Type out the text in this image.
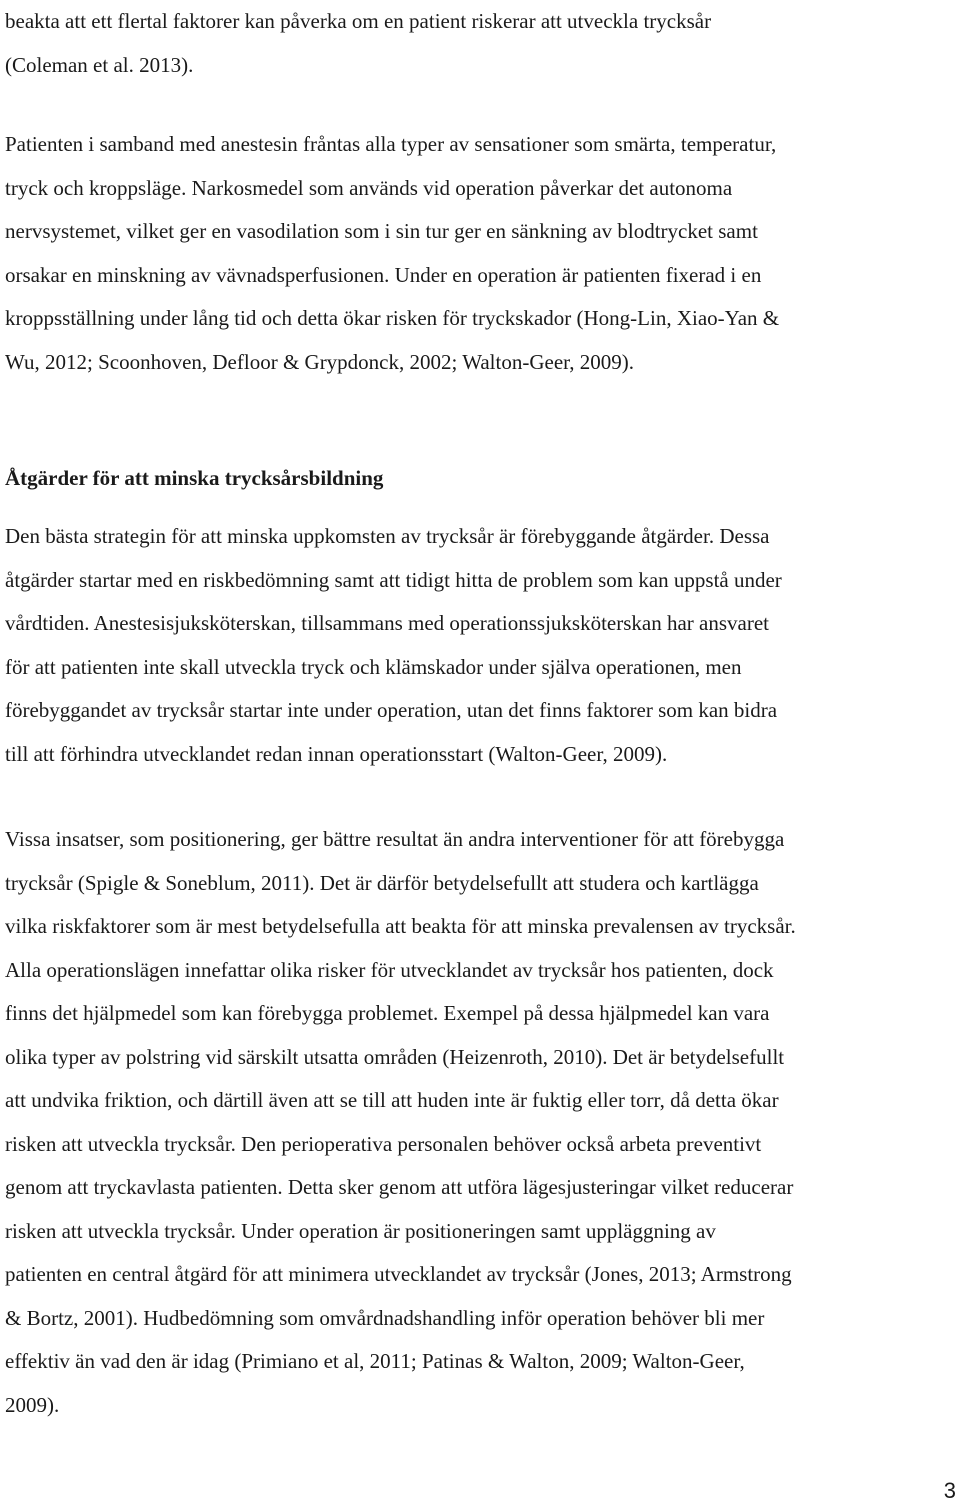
beakta att ett flertal faktorer kan påverka om en patient riskerar att utveckla trycksår
(Coleman et al. 2013).

Patienten i samband med anestesin fråntas alla typer av sensationer som smärta, temperatur,
tryck och kroppsläge. Narkosmedel som används vid operation påverkar det autonoma
nervsystemet, vilket ger en vasodilation som i sin tur ger en sänkning av blodtrycket samt
orsakar en minskning av vävnadsperfusionen. Under en operation är patienten fixerad i en
kroppsställning under lång tid och detta ökar risken för tryckskador (Hong-Lin, Xiao-Yan &
Wu, 2012; Scoonhoven, Defloor & Grypdonck, 2002; Walton-Geer, 2009).

Åtgärder för att minska trycksårsbildning

Den bästa strategin för att minska uppkomsten av trycksår är förebyggande åtgärder. Dessa
åtgärder startar med en riskbedömning samt att tidigt hitta de problem som kan uppstå under
vårdtiden. Anestesisjuksköterskan, tillsammans med operationssjuksköterskan har ansvaret
för att patienten inte skall utveckla tryck och klämskador under själva operationen, men
förebyggandet av trycksår startar inte under operation, utan det finns faktorer som kan bidra
till att förhindra utvecklandet redan innan operationsstart (Walton-Geer, 2009).

Vissa insatser, som positionering, ger bättre resultat än andra interventioner för att förebygga
trycksår (Spigle & Soneblum, 2011). Det är därför betydelsefullt att studera och kartlägga
vilka riskfaktorer som är mest betydelsefulla att beakta för att minska prevalensen av trycksår.
Alla operationslägen innefattar olika risker för utvecklandet av trycksår hos patienten, dock
finns det hjälpmedel som kan förebygga problemet. Exempel på dessa hjälpmedel kan vara
olika typer av polstring vid särskilt utsatta områden (Heizenroth, 2010). Det är betydelsefullt
att undvika friktion, och därtill även att se till att huden inte är fuktig eller torr, då detta ökar
risken att utveckla trycksår. Den perioperativa personalen behöver också arbeta preventivt
genom att tryckavlasta patienten. Detta sker genom att utföra lägesjusteringar vilket reducerar
risken att utveckla trycksår. Under operation är positioneringen samt uppläggning av
patienten en central åtgärd för att minimera utvecklandet av trycksår (Jones, 2013; Armstrong
& Bortz, 2001). Hudbedömning som omvårdnadshandling inför operation behöver bli mer
effektiv än vad den är idag (Primiano et al, 2011; Patinas & Walton, 2009; Walton-Geer,
2009).

3
